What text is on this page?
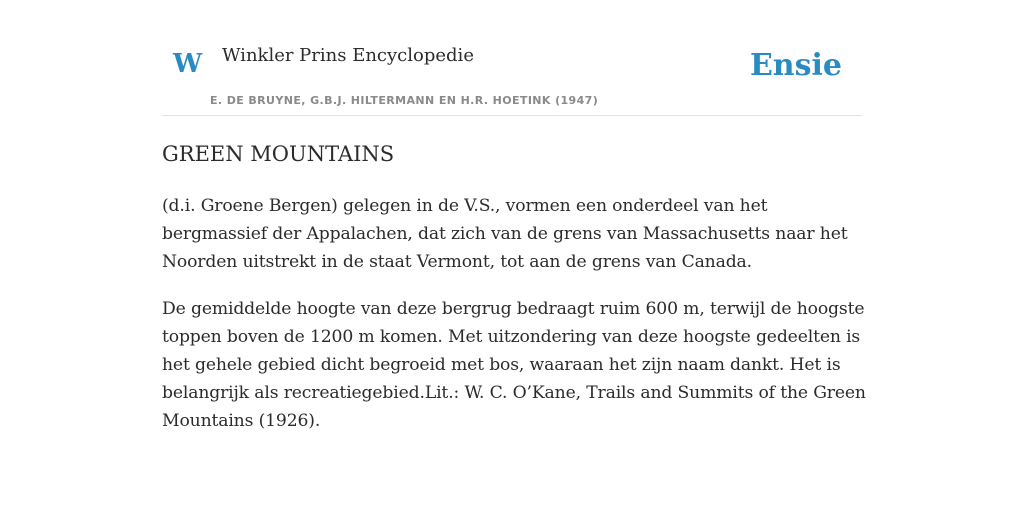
W Winkler Prins Encyclopedie	Ensie
E. DE BRUYNE, G.B.J. HILTERMANN EN H.R. HOETINK (1947)
GREEN MOUNTAINS

(d.i. Groene Bergen) gelegen in de V.S., vormen een onderdeel van het bergmassief der Appalachen, dat zich van de grens van Massachusetts naar het Noorden uitstrekt in de staat Vermont, tot aan de grens van Canada.

De gemiddelde hoogte van deze bergrug bedraagt ruim 600 m, terwijl de hoogste toppen boven de 1200 m komen. Met uitzondering van deze hoogste gedeelten is het gehele gebied dicht begroeid met bos, waaraan het zijn naam dankt. Het is belangrijk als recreatiegebied.Lit.: W. C. O’Kane, Trails and Summits of the Green Mountains (1926).
